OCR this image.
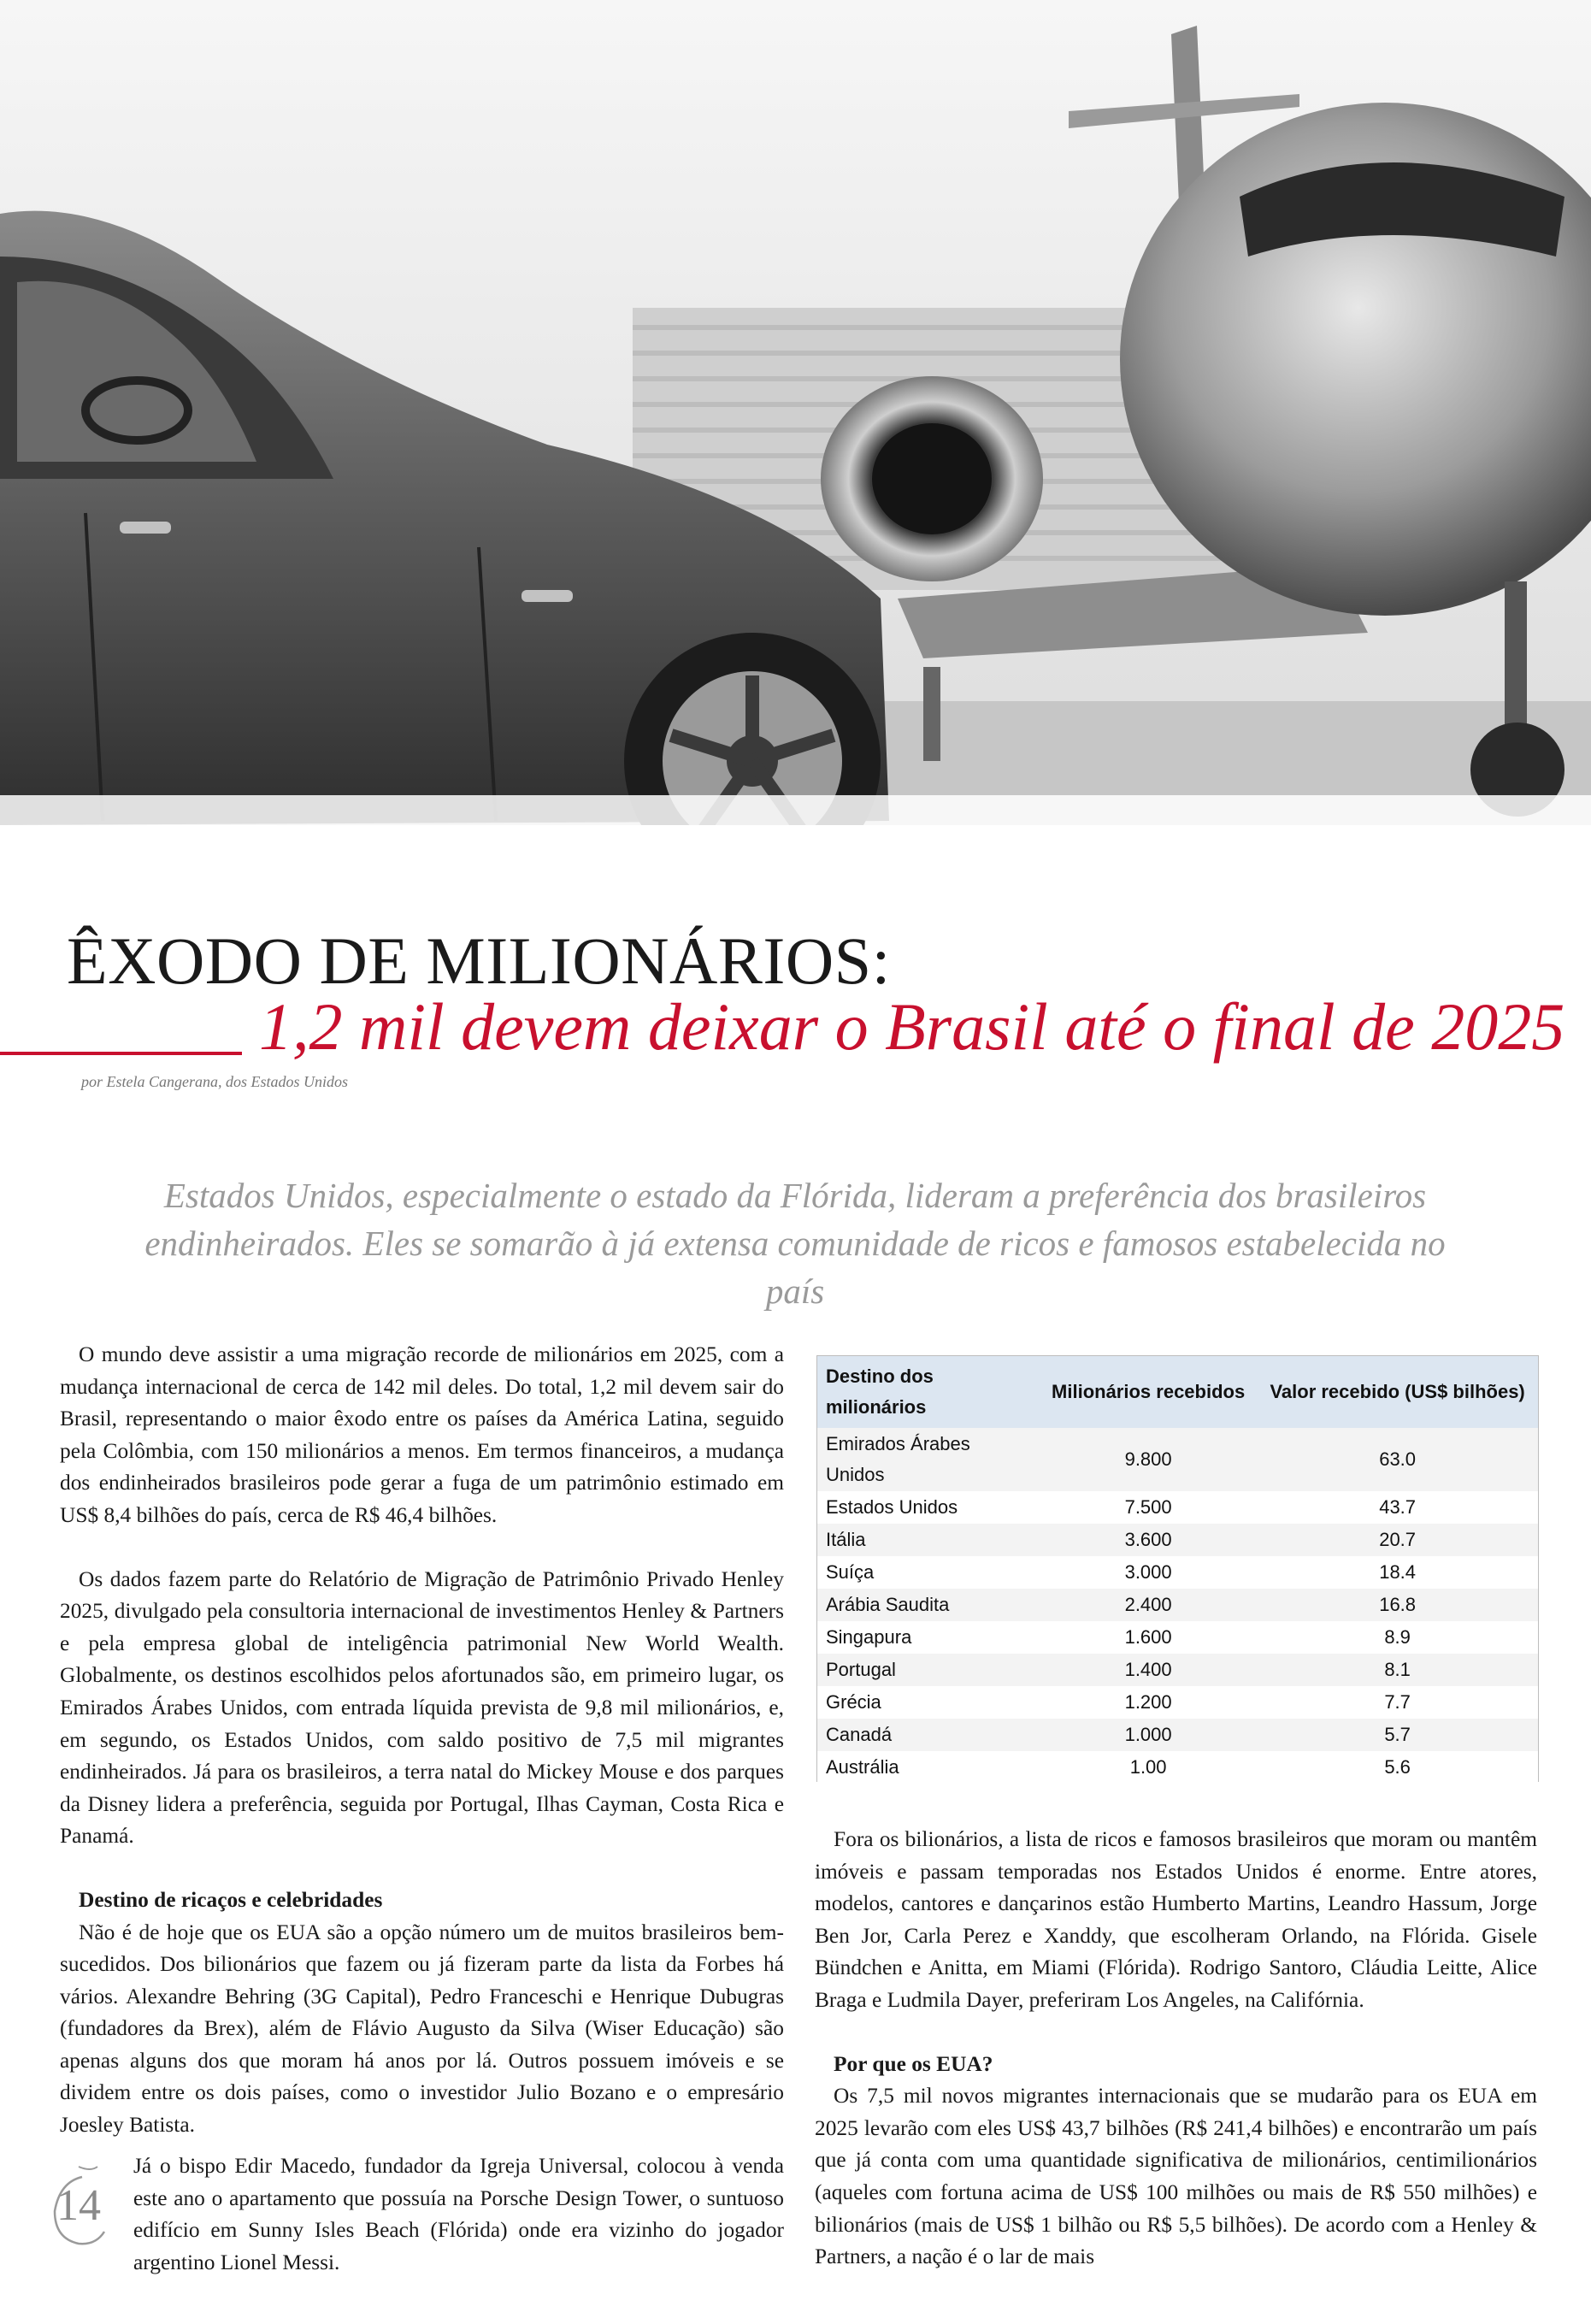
ÊXODO DE MILIONÁRIOS:
1,2 mil devem deixar o Brasil até o final de 2025
por Estela Cangerana, dos Estados Unidos
Estados Unidos, especialmente o estado da Flórida, lideram a preferência dos brasileiros endinheirados. Eles se somarão à já extensa comunidade de ricos e famosos estabelecida no país

O mundo deve assistir a uma migração recorde de milionários em 2025, com a mudança internacional de cerca de 142 mil deles. Do total, 1,2 mil devem sair do Brasil, representando o maior êxodo entre os países da América Latina, seguido pela Colômbia, com 150 milionários a menos. Em termos financeiros, a mudança dos endinheirados brasileiros pode gerar a fuga de um patrimônio estimado em US$ 8,4 bilhões do país, cerca de R$ 46,4 bilhões.

Os dados fazem parte do Relatório de Migração de Patrimônio Privado Henley 2025, divulgado pela consultoria internacional de investimentos Henley & Partners e pela empresa global de inteligência patrimonial New World Wealth. Globalmente, os destinos escolhidos pelos afortunados são, em primeiro lugar, os Emirados Árabes Unidos, com entrada líquida prevista de 9,8 mil milionários, e, em segundo, os Estados Unidos, com saldo positivo de 7,5 mil migrantes endinheirados. Já para os brasileiros, a terra natal do Mickey Mouse e dos parques da Disney lidera a preferência, seguida por Portugal, Ilhas Cayman, Costa Rica e Panamá.

Destino de ricaços e celebridades

Não é de hoje que os EUA são a opção número um de muitos brasileiros bem-sucedidos. Dos bilionários que fazem ou já fizeram parte da lista da Forbes há vários. Alexandre Behring (3G Capital), Pedro Franceschi e Henrique Dubugras (fundadores da Brex), além de Flávio Augusto da Silva (Wiser Educação) são apenas alguns dos que moram há anos por lá. Outros possuem imóveis e se dividem entre os dois países, como o investidor Julio Bozano e o empresário Joesley Batista.

Já o bispo Edir Macedo, fundador da Igreja Universal, colocou à venda este ano o apartamento que possuía na Porsche Design Tower, o suntuoso edifício em Sunny Isles Beach (Flórida) onde era vizinho do jogador argentino Lionel Messi.

14
Destino dos milionários	Milionários recebidos	Valor recebido (US$ bilhões)
Emirados Árabes Unidos	9.800	63.0
Estados Unidos	7.500	43.7
Itália	3.600	20.7
Suíça	3.000	18.4
Arábia Saudita	2.400	16.8
Singapura	1.600	8.9
Portugal	1.400	8.1
Grécia	1.200	7.7
Canadá	1.000	5.7
Austrália	1.00	5.6

Fora os bilionários, a lista de ricos e famosos brasileiros que moram ou mantêm imóveis e passam temporadas nos Estados Unidos é enorme. Entre atores, modelos, cantores e dançarinos estão Humberto Martins, Leandro Hassum, Jorge Ben Jor, Carla Perez e Xanddy, que escolheram Orlando, na Flórida. Gisele Bündchen e Anitta, em Miami (Flórida). Rodrigo Santoro, Cláudia Leitte, Alice Braga e Ludmila Dayer, preferiram Los Angeles, na Califórnia.

Por que os EUA?

Os 7,5 mil novos migrantes internacionais que se mudarão para os EUA em 2025 levarão com eles US$ 43,7 bilhões (R$ 241,4 bilhões) e encontrarão um país que já conta com uma quantidade significativa de milionários, centimilionários (aqueles com fortuna acima de US$ 100 milhões ou mais de R$ 550 milhões) e bilionários (mais de US$ 1 bilhão ou R$ 5,5 bilhões). De acordo com a Henley & Partners, a nação é o lar de mais
